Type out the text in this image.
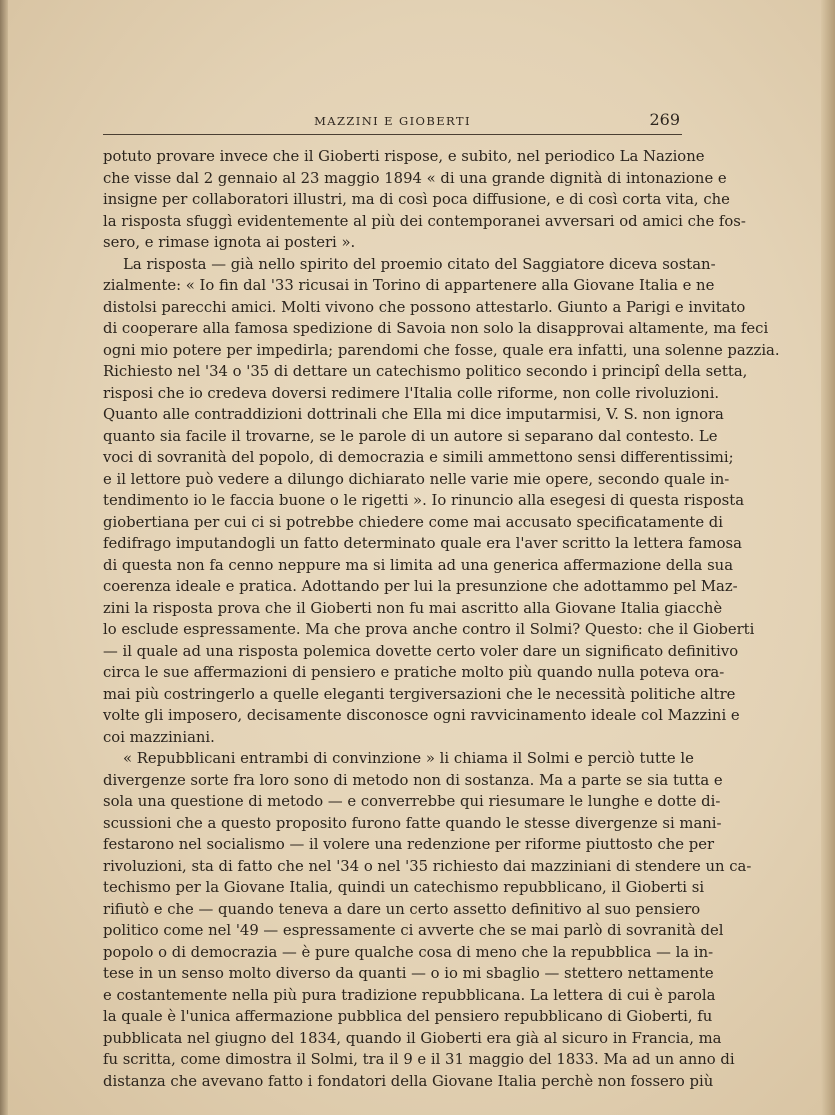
MAZZINI E GIOBERTI	269
potuto provare invece che il Gioberti rispose, e subito, nel periodico La Nazione
che visse dal 2 gennaio al 23 maggio 1894 « di una grande dignità di intonazione e
insigne per collaboratori illustri, ma di così poca diffusione, e di così corta vita, che
la risposta sfuggì evidentemente al più dei contemporanei avversari od amici che fos-
sero, e rimase ignota ai posteri ».
La risposta — già nello spirito del proemio citato del Saggiatore diceva sostan-
zialmente: « Io fin dal '33 ricusai in Torino di appartenere alla Giovane Italia e ne
distolsi parecchi amici. Molti vivono che possono attestarlo. Giunto a Parigi e invitato
di cooperare alla famosa spedizione di Savoia non solo la disapprovai altamente, ma feci
ogni mio potere per impedirla; parendomi che fosse, quale era infatti, una solenne pazzia.
Richiesto nel '34 o '35 di dettare un catechismo politico secondo i principî della setta,
risposi che io credeva doversi redimere l'Italia colle riforme, non colle rivoluzioni.
Quanto alle contraddizioni dottrinali che Ella mi dice imputarmisi, V. S. non ignora
quanto sia facile il trovarne, se le parole di un autore si separano dal contesto. Le
voci di sovranità del popolo, di democrazia e simili ammettono sensi differentissimi;
e il lettore può vedere a dilungo dichiarato nelle varie mie opere, secondo quale in-
tendimento io le faccia buone o le rigetti ». Io rinuncio alla esegesi di questa risposta
giobertiana per cui ci si potrebbe chiedere come mai accusato specificatamente di
fedifrago imputandogli un fatto determinato quale era l'aver scritto la lettera famosa
di questa non fa cenno neppure ma si limita ad una generica affermazione della sua
coerenza ideale e pratica. Adottando per lui la presunzione che adottammo pel Maz-
zini la risposta prova che il Gioberti non fu mai ascritto alla Giovane Italia giacchè
lo esclude espressamente. Ma che prova anche contro il Solmi? Questo: che il Gioberti
— il quale ad una risposta polemica dovette certo voler dare un significato definitivo
circa le sue affermazioni di pensiero e pratiche molto più quando nulla poteva ora-
mai più costringerlo a quelle eleganti tergiversazioni che le necessità politiche altre
volte gli imposero, decisamente disconosce ogni ravvicinamento ideale col Mazzini e
coi mazziniani.
« Repubblicani entrambi di convinzione » li chiama il Solmi e perciò tutte le
divergenze sorte fra loro sono di metodo non di sostanza. Ma a parte se sia tutta e
sola una questione di metodo — e converrebbe qui riesumare le lunghe e dotte di-
scussioni che a questo proposito furono fatte quando le stesse divergenze si mani-
festarono nel socialismo — il volere una redenzione per riforme piuttosto che per
rivoluzioni, sta di fatto che nel '34 o nel '35 richiesto dai mazziniani di stendere un ca-
techismo per la Giovane Italia, quindi un catechismo repubblicano, il Gioberti si
rifiutò e che — quando teneva a dare un certo assetto definitivo al suo pensiero
politico come nel '49 — espressamente ci avverte che se mai parlò di sovranità del
popolo o di democrazia — è pure qualche cosa di meno che la repubblica — la in-
tese in un senso molto diverso da quanti — o io mi sbaglio — stettero nettamente
e costantemente nella più pura tradizione repubblicana. La lettera di cui è parola
la quale è l'unica affermazione pubblica del pensiero repubblicano di Gioberti, fu
pubblicata nel giugno del 1834, quando il Gioberti era già al sicuro in Francia, ma
fu scritta, come dimostra il Solmi, tra il 9 e il 31 maggio del 1833. Ma ad un anno di
distanza che avevano fatto i fondatori della Giovane Italia perchè non fossero più
